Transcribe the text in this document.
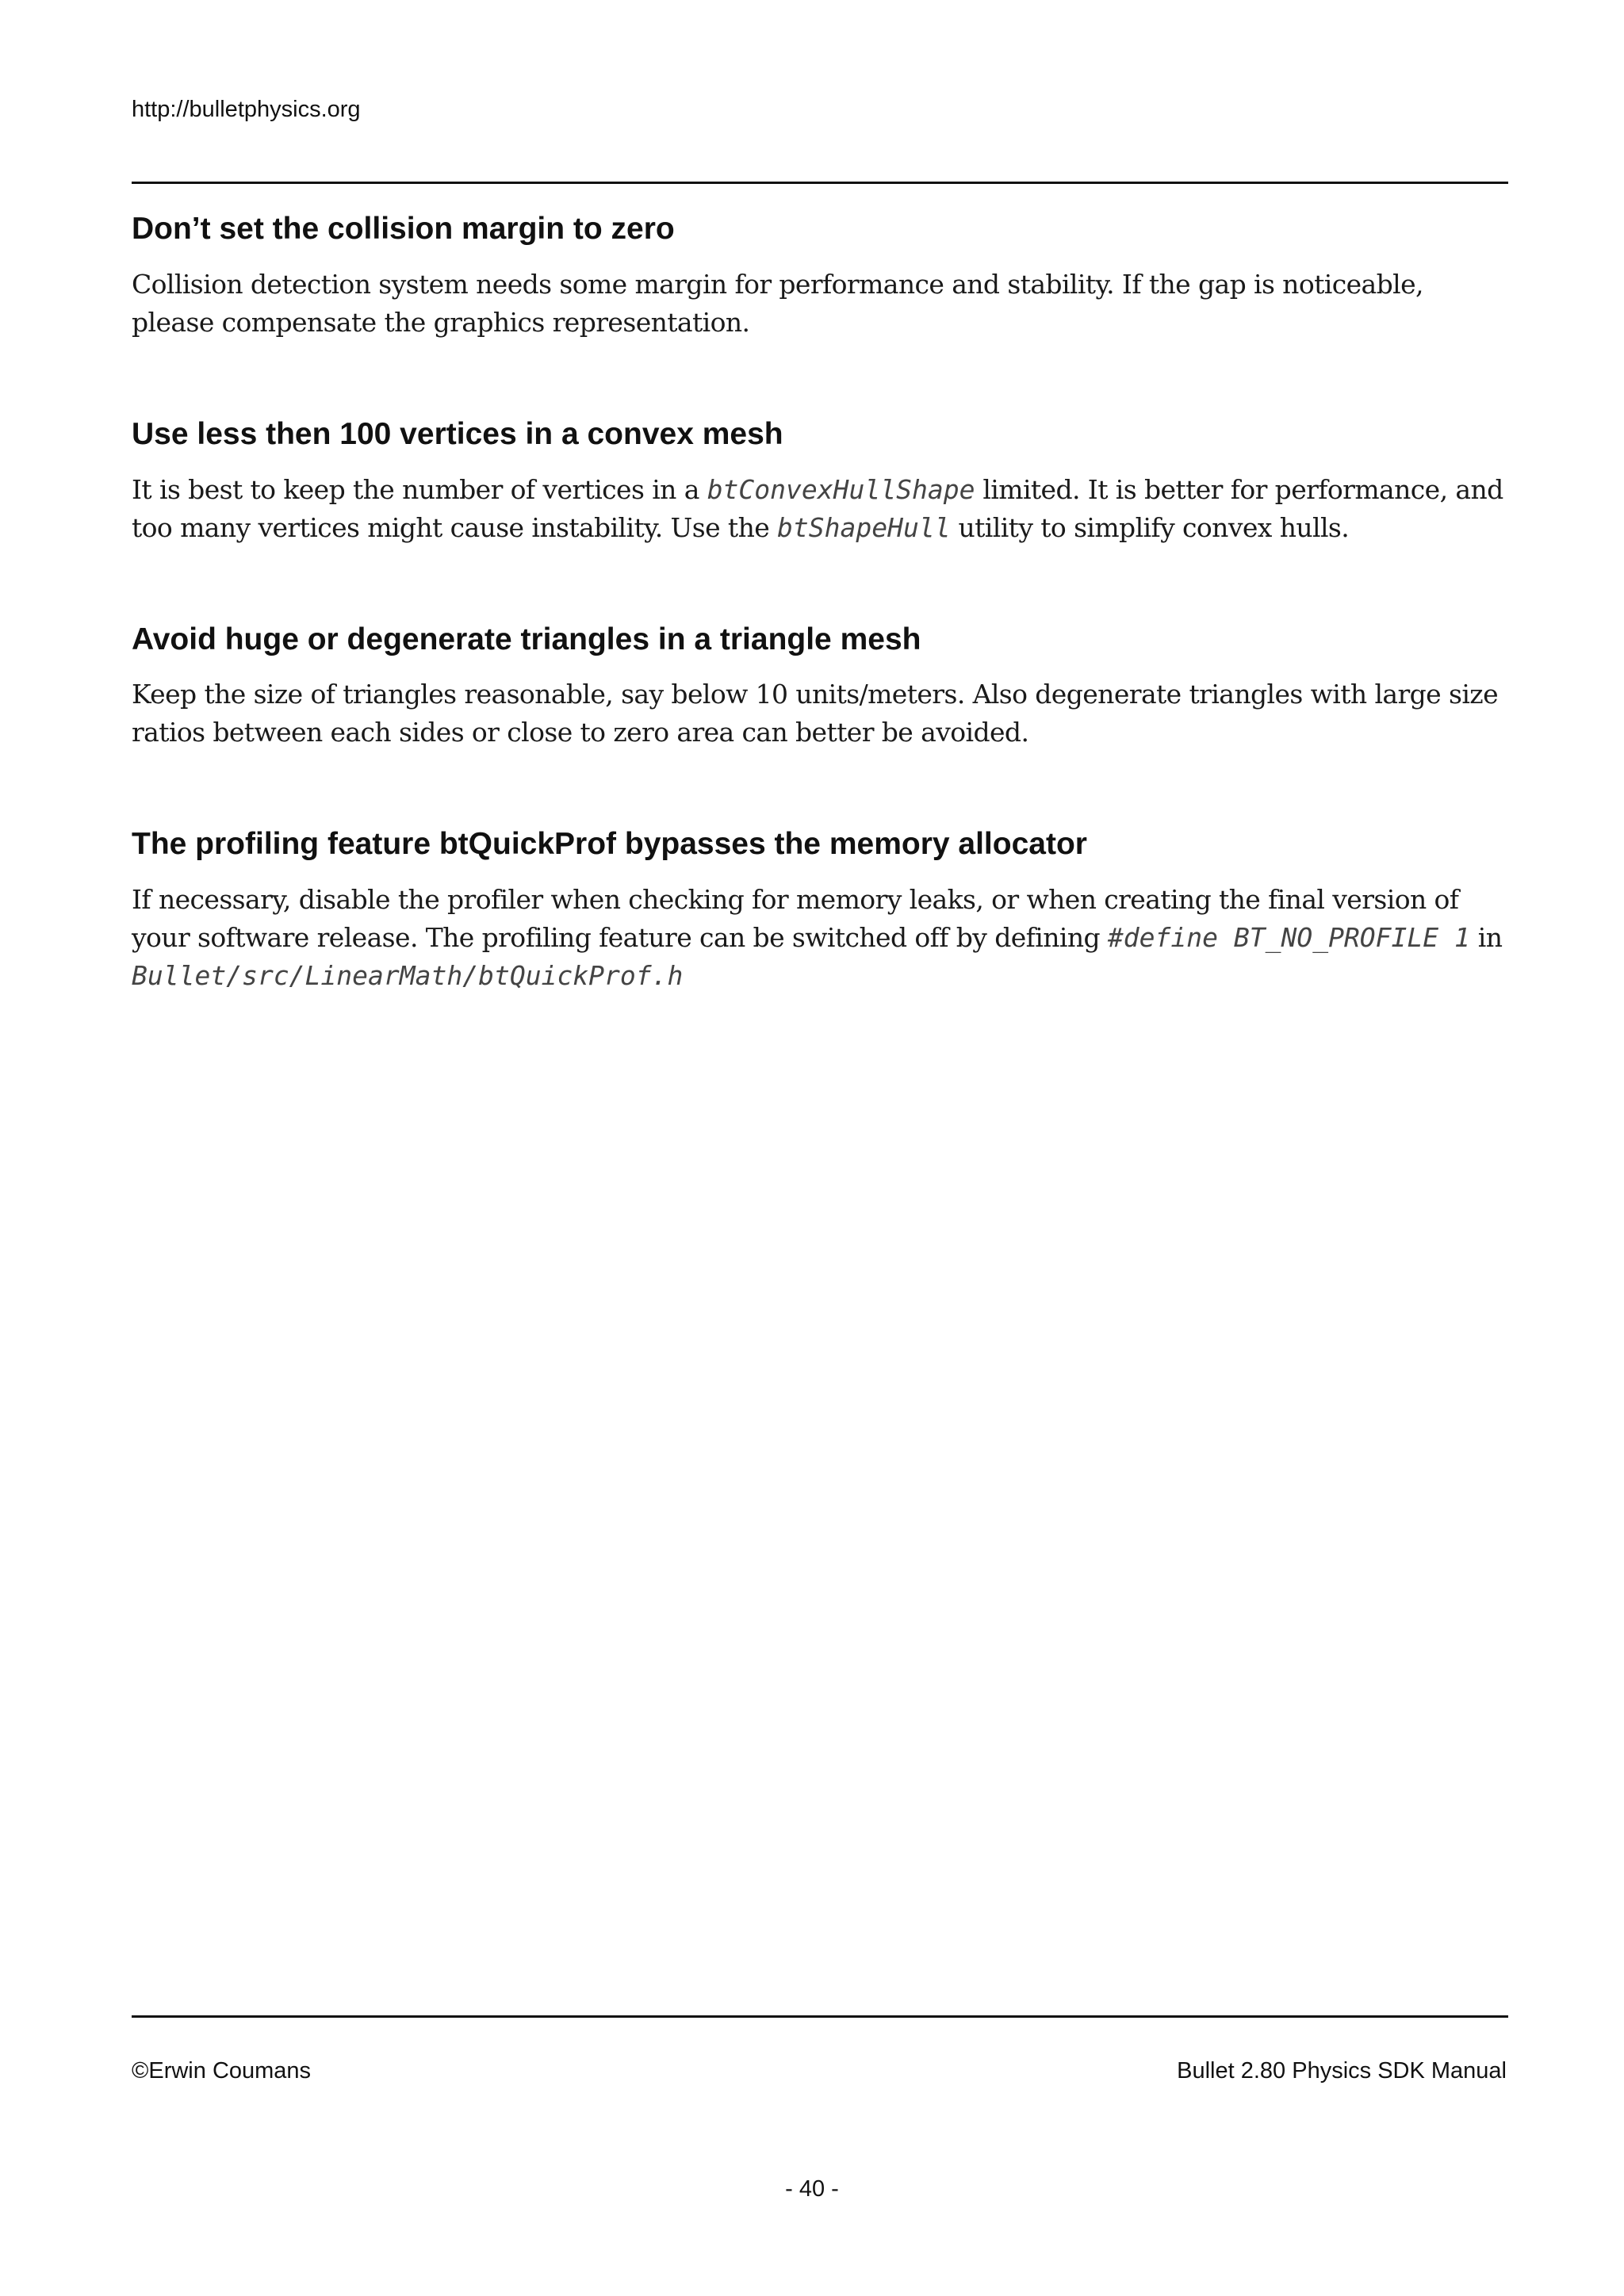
http://bulletphysics.org
Don’t set the collision margin to zero

Collision detection system needs some margin for performance and stability. If the gap is noticeable, please compensate the graphics representation.

Use less then 100 vertices in a convex mesh

It is best to keep the number of vertices in a btConvexHullShape limited. It is better for performance, and too many vertices might cause instability. Use the btShapeHull utility to simplify convex hulls.

Avoid huge or degenerate triangles in a triangle mesh

Keep the size of triangles reasonable, say below 10 units/meters. Also degenerate triangles with large size ratios between each sides or close to zero area can better be avoided.

The profiling feature btQuickProf bypasses the memory allocator

If necessary, disable the profiler when checking for memory leaks, or when creating the final version of your software release. The profiling feature can be switched off by defining #define BT_NO_PROFILE 1 in Bullet/src/LinearMath/btQuickProf.h

©Erwin Coumans	Bullet 2.80 Physics SDK Manual
- 40 -
